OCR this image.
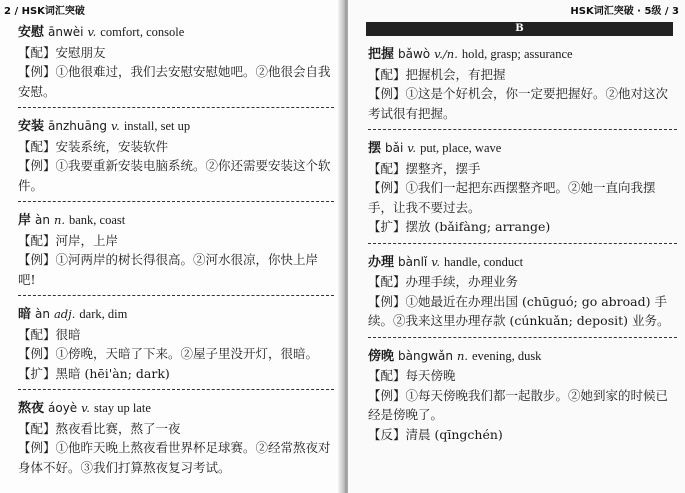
2 / HSK词汇突破
安慰 ānwèi v. comfort, console
【配】安慰朋友
【例】①他很难过，我们去安慰安慰她吧。②他很会自我安慰。
安装 ānzhuāng v. install, set up
【配】安装系统，安装软件
【例】①我要重新安装电脑系统。②你还需要安装这个软件。
岸 àn n. bank, coast
【配】河岸，上岸
【例】①河两岸的树长得很高。②河水很凉，你快上岸吧!
暗 àn adj. dark, dim
【配】很暗
【例】①傍晚，天暗了下来。②屋子里没开灯，很暗。
【扩】黑暗 (hēi'àn; dark)
熬夜 áoyè v. stay up late
【配】熬夜看比赛，熬了一夜
【例】①他昨天晚上熬夜看世界杯足球赛。②经常熬夜对身体不好。③我们打算熬夜复习考试。
HSK词汇突破 · 5级 / 3
B
把握 bǎwò v./n. hold, grasp; assurance
【配】把握机会，有把握
【例】①这是个好机会，你一定要把握好。②他对这次考试很有把握。
摆 bǎi v. put, place, wave
【配】摆整齐，摆手
【例】①我们一起把东西摆整齐吧。②她一直向我摆手，让我不要过去。
【扩】摆放 (bǎifàng; arrange)
办理 bànlǐ v. handle, conduct
【配】办理手续，办理业务
【例】①她最近在办理出国 (chūguó; go abroad) 手续。②我来这里办理存款 (cúnkuǎn; deposit) 业务。
傍晚 bàngwǎn n. evening, dusk
【配】每天傍晚
【例】①每天傍晚我们都一起散步。②她到家的时候已经是傍晚了。
【反】清晨 (qīngchén)
